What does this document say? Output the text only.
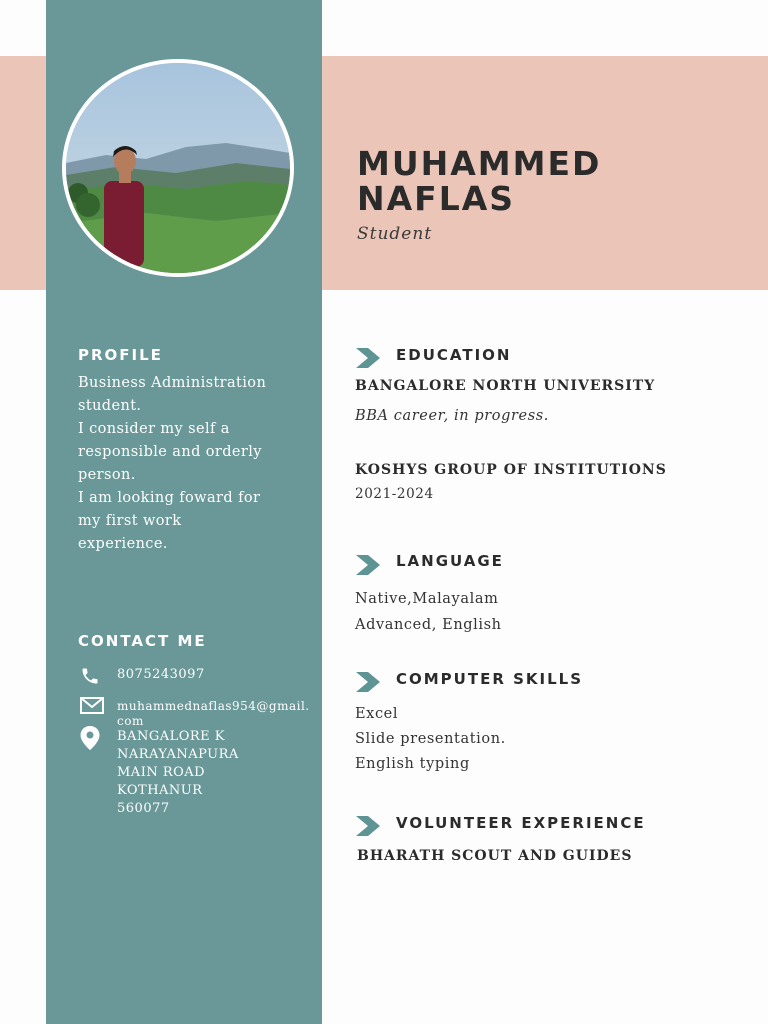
MUHAMMED
NAFLAS
Student
PROFILE
Business Administration
student.
I consider my self a
responsible and orderly
person.
I am looking foward for
my first work
experience.
CONTACT ME
8075243097
muhammednaflas954@gmail.com
BANGALORE K
NARAYANAPURA
MAIN ROAD
KOTHANUR 560077
EDUCATION
BANGALORE NORTH UNIVERSITY
BBA career, in progress.
KOSHYS GROUP OF INSTITUTIONS
2021-2024
LANGUAGE
Native,Malayalam
Advanced, English
COMPUTER SKILLS
Excel
Slide presentation.
English typing
VOLUNTEER EXPERIENCE
BHARATH SCOUT AND GUIDES
